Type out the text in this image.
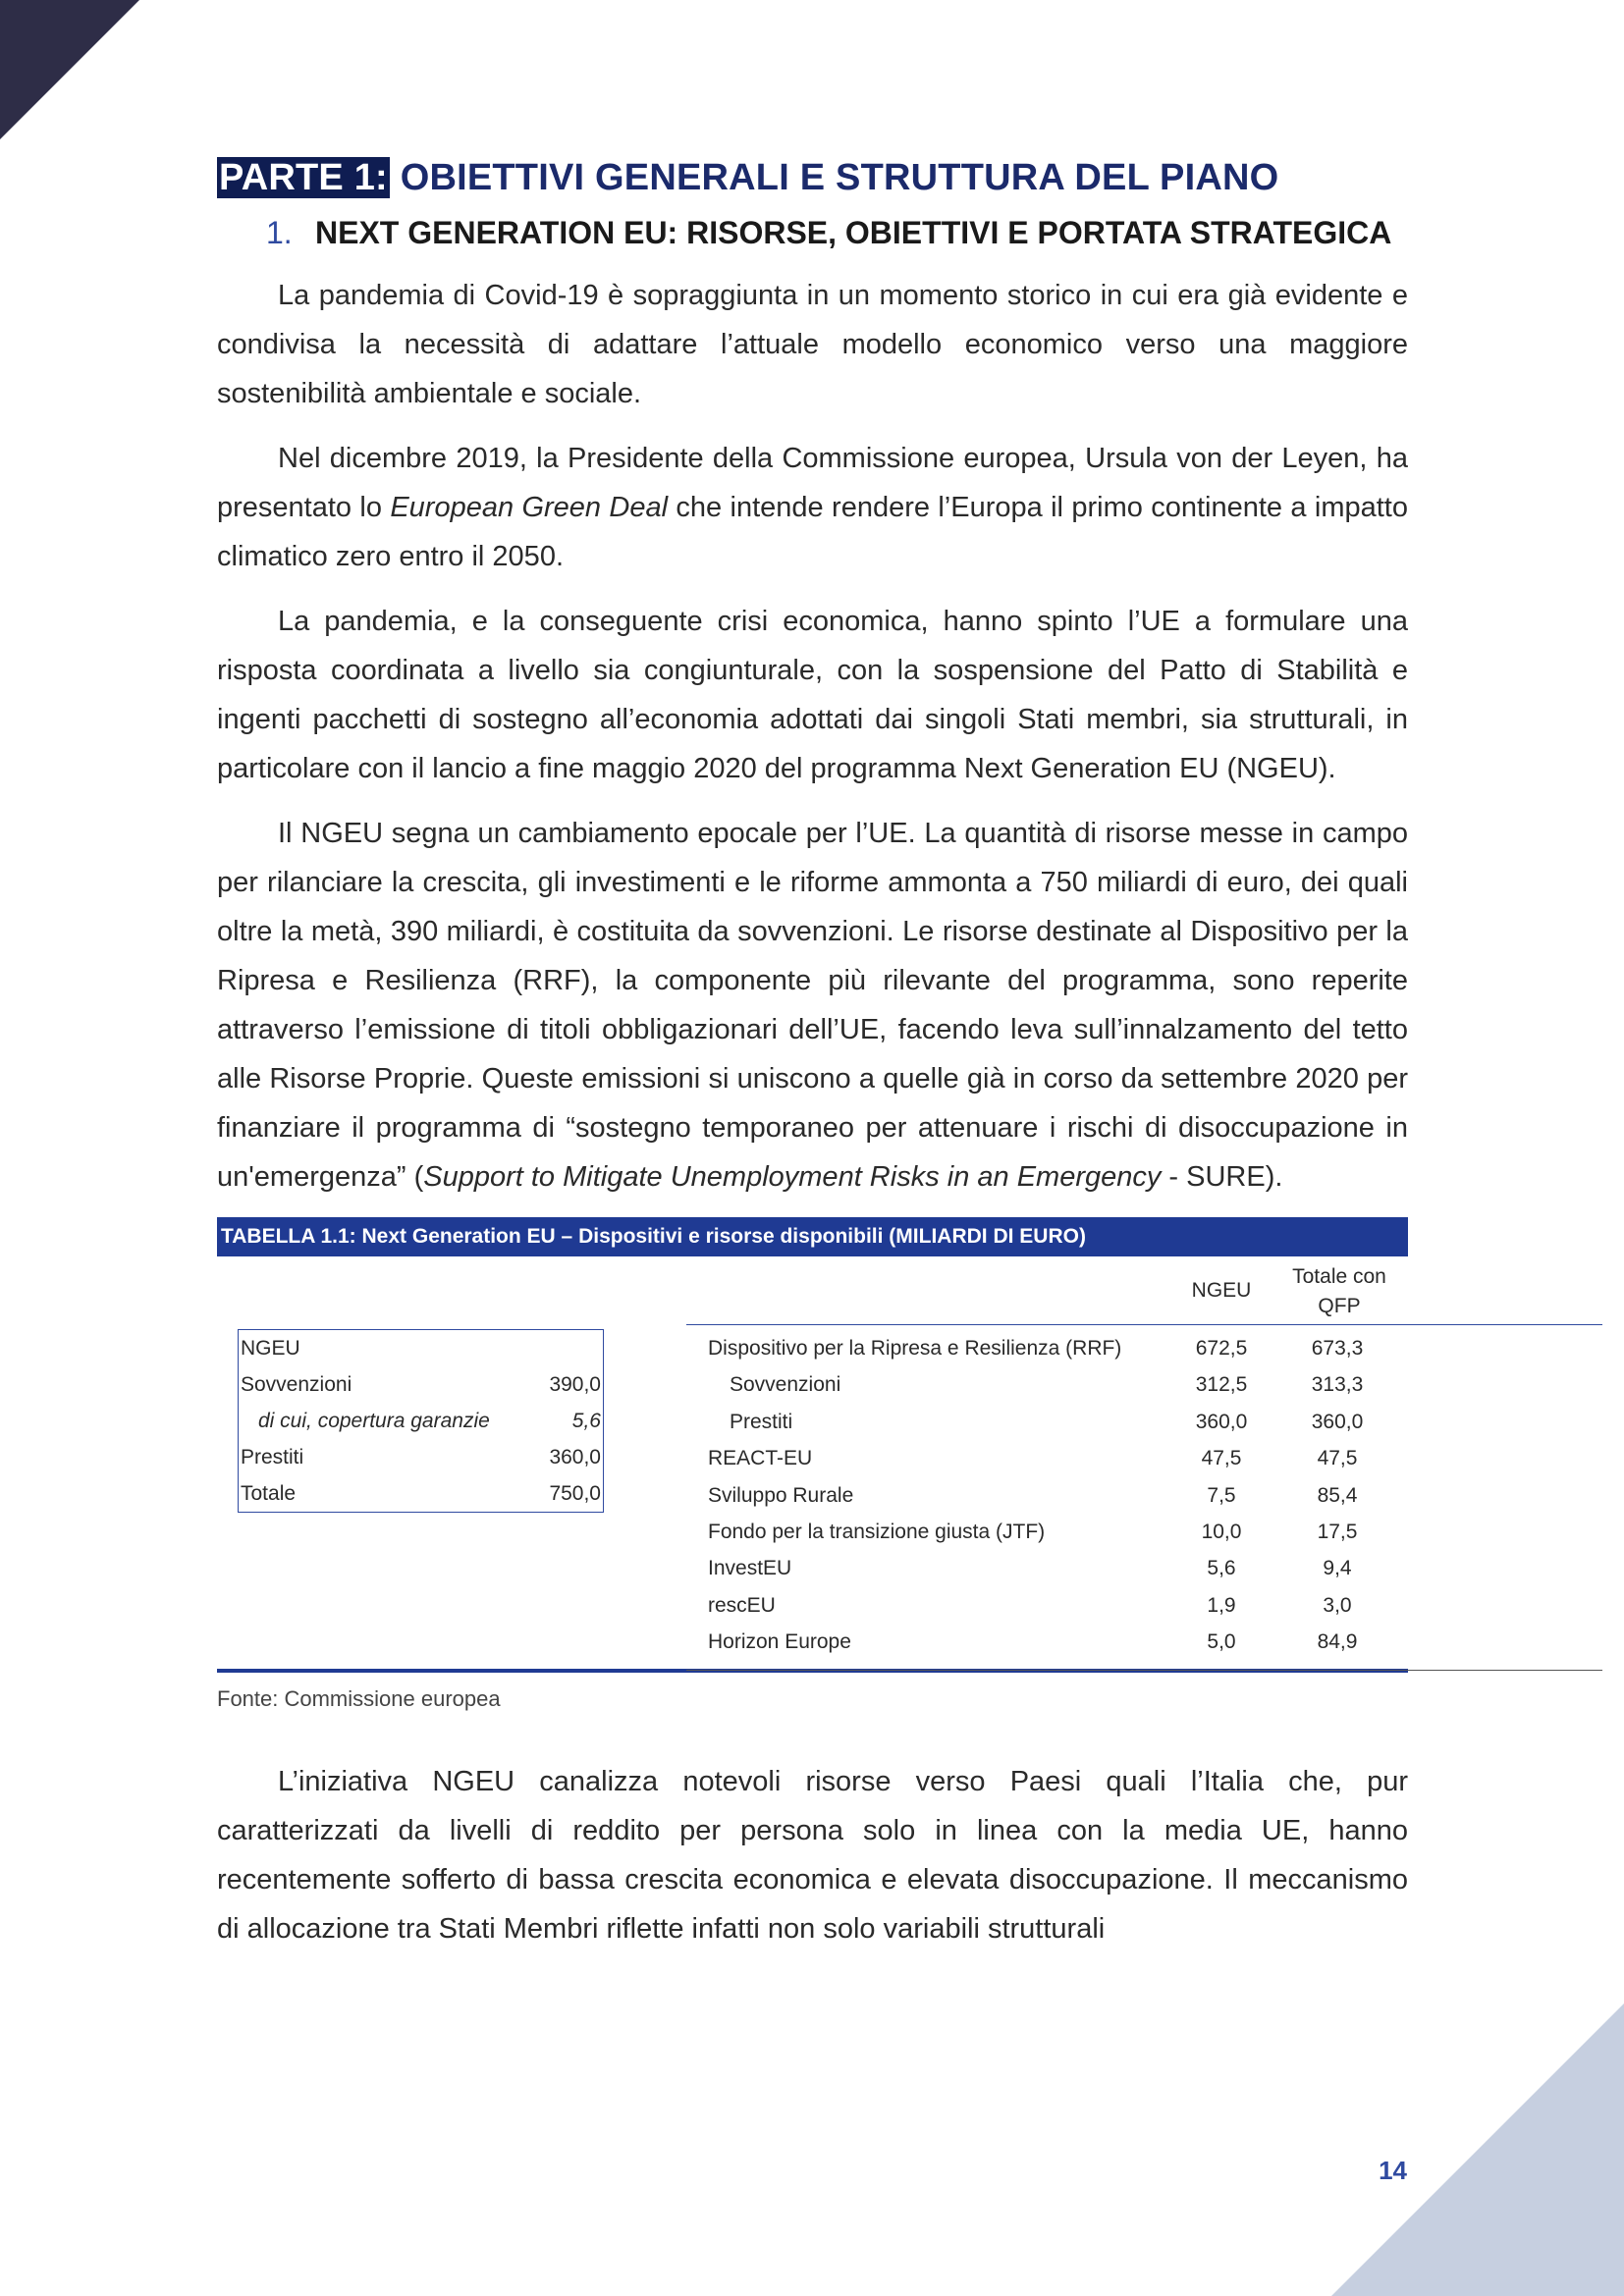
PARTE 1: OBIETTIVI GENERALI E STRUTTURA DEL PIANO
1. NEXT GENERATION EU: RISORSE, OBIETTIVI E PORTATA STRATEGICA

La pandemia di Covid-19 è sopraggiunta in un momento storico in cui era già evidente e condivisa la necessità di adattare l’attuale modello economico verso una maggiore sostenibilità ambientale e sociale.

Nel dicembre 2019, la Presidente della Commissione europea, Ursula von der Leyen, ha presentato lo European Green Deal che intende rendere l’Europa il primo continente a impatto climatico zero entro il 2050.

La pandemia, e la conseguente crisi economica, hanno spinto l’UE a formulare una risposta coordinata a livello sia congiunturale, con la sospensione del Patto di Stabilità e ingenti pacchetti di sostegno all’economia adottati dai singoli Stati membri, sia strutturali, in particolare con il lancio a fine maggio 2020 del programma Next Generation EU (NGEU).

Il NGEU segna un cambiamento epocale per l’UE. La quantità di risorse messe in campo per rilanciare la crescita, gli investimenti e le riforme ammonta a 750 miliardi di euro, dei quali oltre la metà, 390 miliardi, è costituita da sovvenzioni. Le risorse destinate al Dispositivo per la Ripresa e Resilienza (RRF), la componente più rilevante del programma, sono reperite attraverso l’emissione di titoli obbligazionari dell’UE, facendo leva sull’innalzamento del tetto alle Risorse Proprie. Queste emissioni si uniscono a quelle già in corso da settembre 2020 per finanziare il programma di “sostegno temporaneo per attenuare i rischi di disoccupazione in un'emergenza” (Support to Mitigate Unemployment Risks in an Emergency - SURE).

TABELLA 1.1: Next Generation EU – Dispositivi e risorse disponibili (MILIARDI DI EURO)
NGEU
Sovvenzioni	390,0
di cui, copertura garanzie	5,6
Prestiti	360,0
Totale	750,0
NGEU
Totale con
QFP
Dispositivo per la Ripresa e Resilienza (RRF)	672,5	673,3
Sovvenzioni	312,5	313,3
Prestiti	360,0	360,0
REACT-EU	47,5	47,5
Sviluppo Rurale	7,5	85,4
Fondo per la transizione giusta (JTF)	10,0	17,5
InvestEU	5,6	9,4
rescEU	1,9	3,0
Horizon Europe	5,0	84,9
Fonte: Commissione europea

L’iniziativa NGEU canalizza notevoli risorse verso Paesi quali l’Italia che, pur caratterizzati da livelli di reddito per persona solo in linea con la media UE, hanno recentemente sofferto di bassa crescita economica e elevata disoccupazione. Il meccanismo di allocazione tra Stati Membri riflette infatti non solo variabili strutturali

14
